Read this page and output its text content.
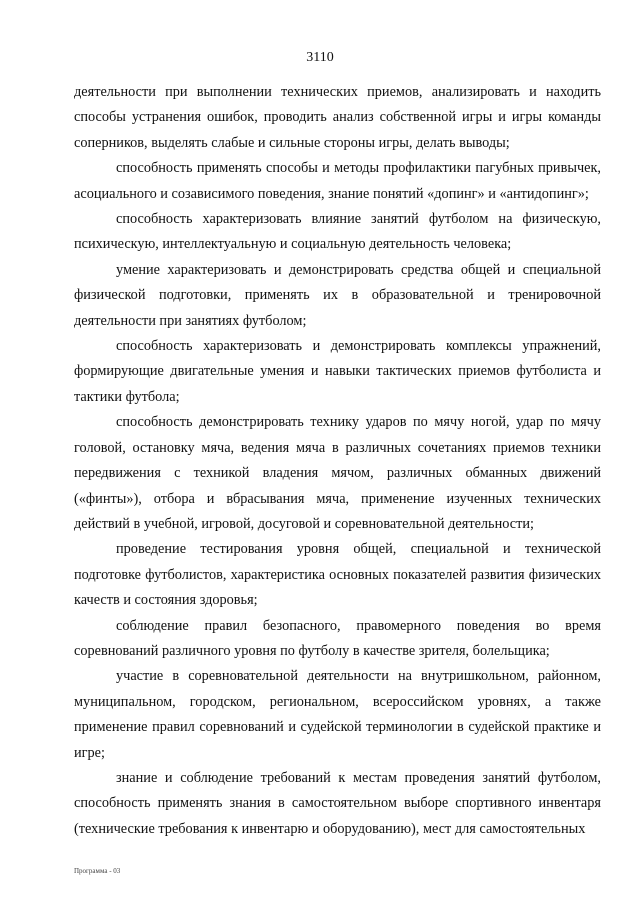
3110

деятельности при выполнении технических приемов, анализировать и находить способы устранения ошибок, проводить анализ собственной игры и игры команды соперников, выделять слабые и сильные стороны игры, делать выводы;

способность применять способы и методы профилактики пагубных привычек, асоциального и созависимого поведения, знание понятий «допинг» и «антидопинг»;

способность характеризовать влияние занятий футболом на физическую, психическую, интеллектуальную и социальную деятельность человека;

умение характеризовать и демонстрировать средства общей и специальной физической подготовки, применять их в образовательной и тренировочной деятельности при занятиях футболом;

способность характеризовать и демонстрировать комплексы упражнений, формирующие двигательные умения и навыки тактических приемов футболиста и тактики футбола;

способность демонстрировать технику ударов по мячу ногой, удар по мячу головой, остановку мяча, ведения мяча в различных сочетаниях приемов техники передвижения с техникой владения мячом, различных обманных движений («финты»), отбора и вбрасывания мяча, применение изученных технических действий в учебной, игровой, досуговой и соревновательной деятельности;

проведение тестирования уровня общей, специальной и технической подготовке футболистов, характеристика основных показателей развития физических качеств и состояния здоровья;

соблюдение правил безопасного, правомерного поведения во время соревнований различного уровня по футболу в качестве зрителя, болельщика;

участие в соревновательной деятельности на внутришкольном, районном, муниципальном, городском, региональном, всероссийском уровнях, а также применение правил соревнований и судейской терминологии в судейской практике и игре;

знание и соблюдение требований к местам проведения занятий футболом, способность применять знания в самостоятельном выборе спортивного инвентаря (технические требования к инвентарю и оборудованию), мест для самостоятельных

Программа - 03
